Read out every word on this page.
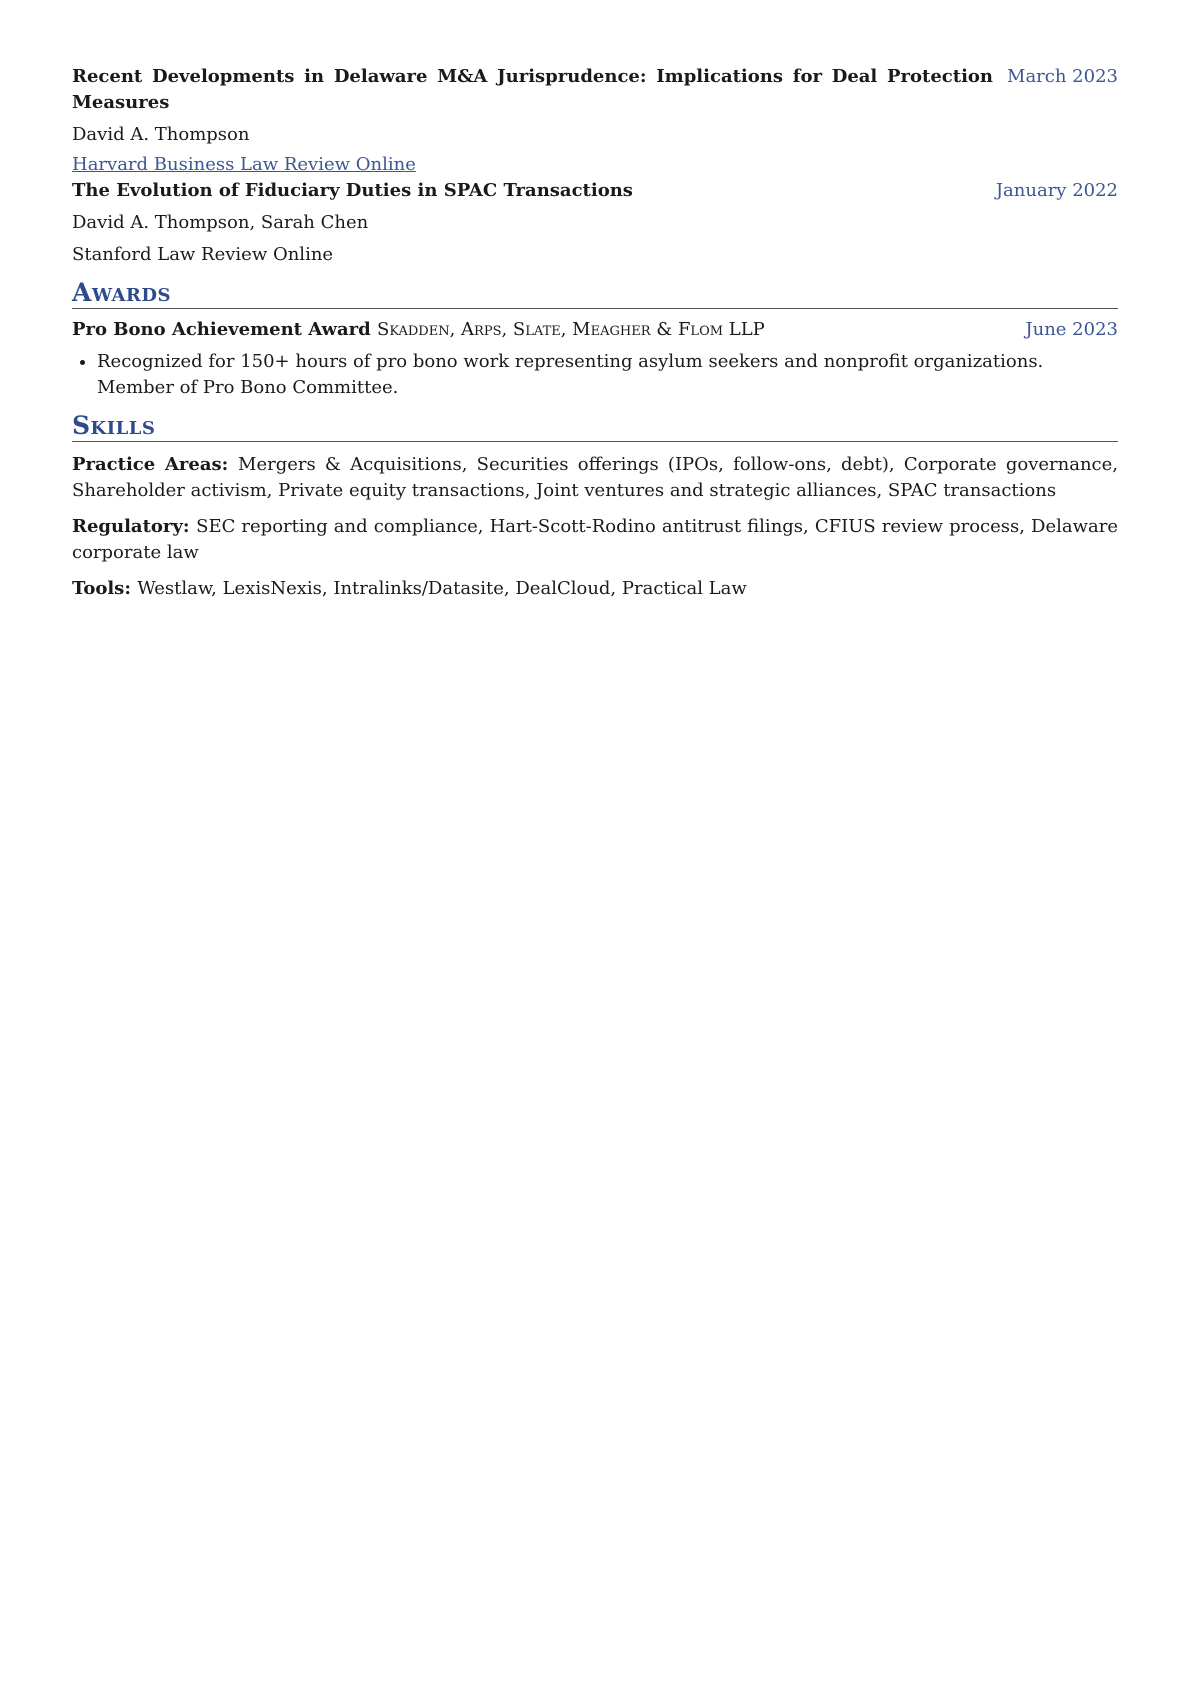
Recent Developments in Delaware M&A Jurisprudence: Implications for Deal Protection Measures
March 2023
David A. Thompson
Harvard Business Law Review Online
The Evolution of Fiduciary Duties in SPAC Transactions	January 2022
David A. Thompson, Sarah Chen
Stanford Law Review Online
Awards
Pro Bono Achievement Award Skadden, Arps, Slate, Meagher & Flom LLP	June 2023
• Recognized for 150+ hours of pro bono work representing asylum seekers and nonprofit organizations. Member of Pro Bono Committee.
Skills
Practice Areas: Mergers & Acquisitions, Securities offerings (IPOs, follow-ons, debt), Corporate governance, Shareholder activism, Private equity transactions, Joint ventures and strategic alliances, SPAC transactions
Regulatory: SEC reporting and compliance, Hart-Scott-Rodino antitrust filings, CFIUS review process, Delaware corporate law
Tools: Westlaw, LexisNexis, Intralinks/Datasite, DealCloud, Practical Law
